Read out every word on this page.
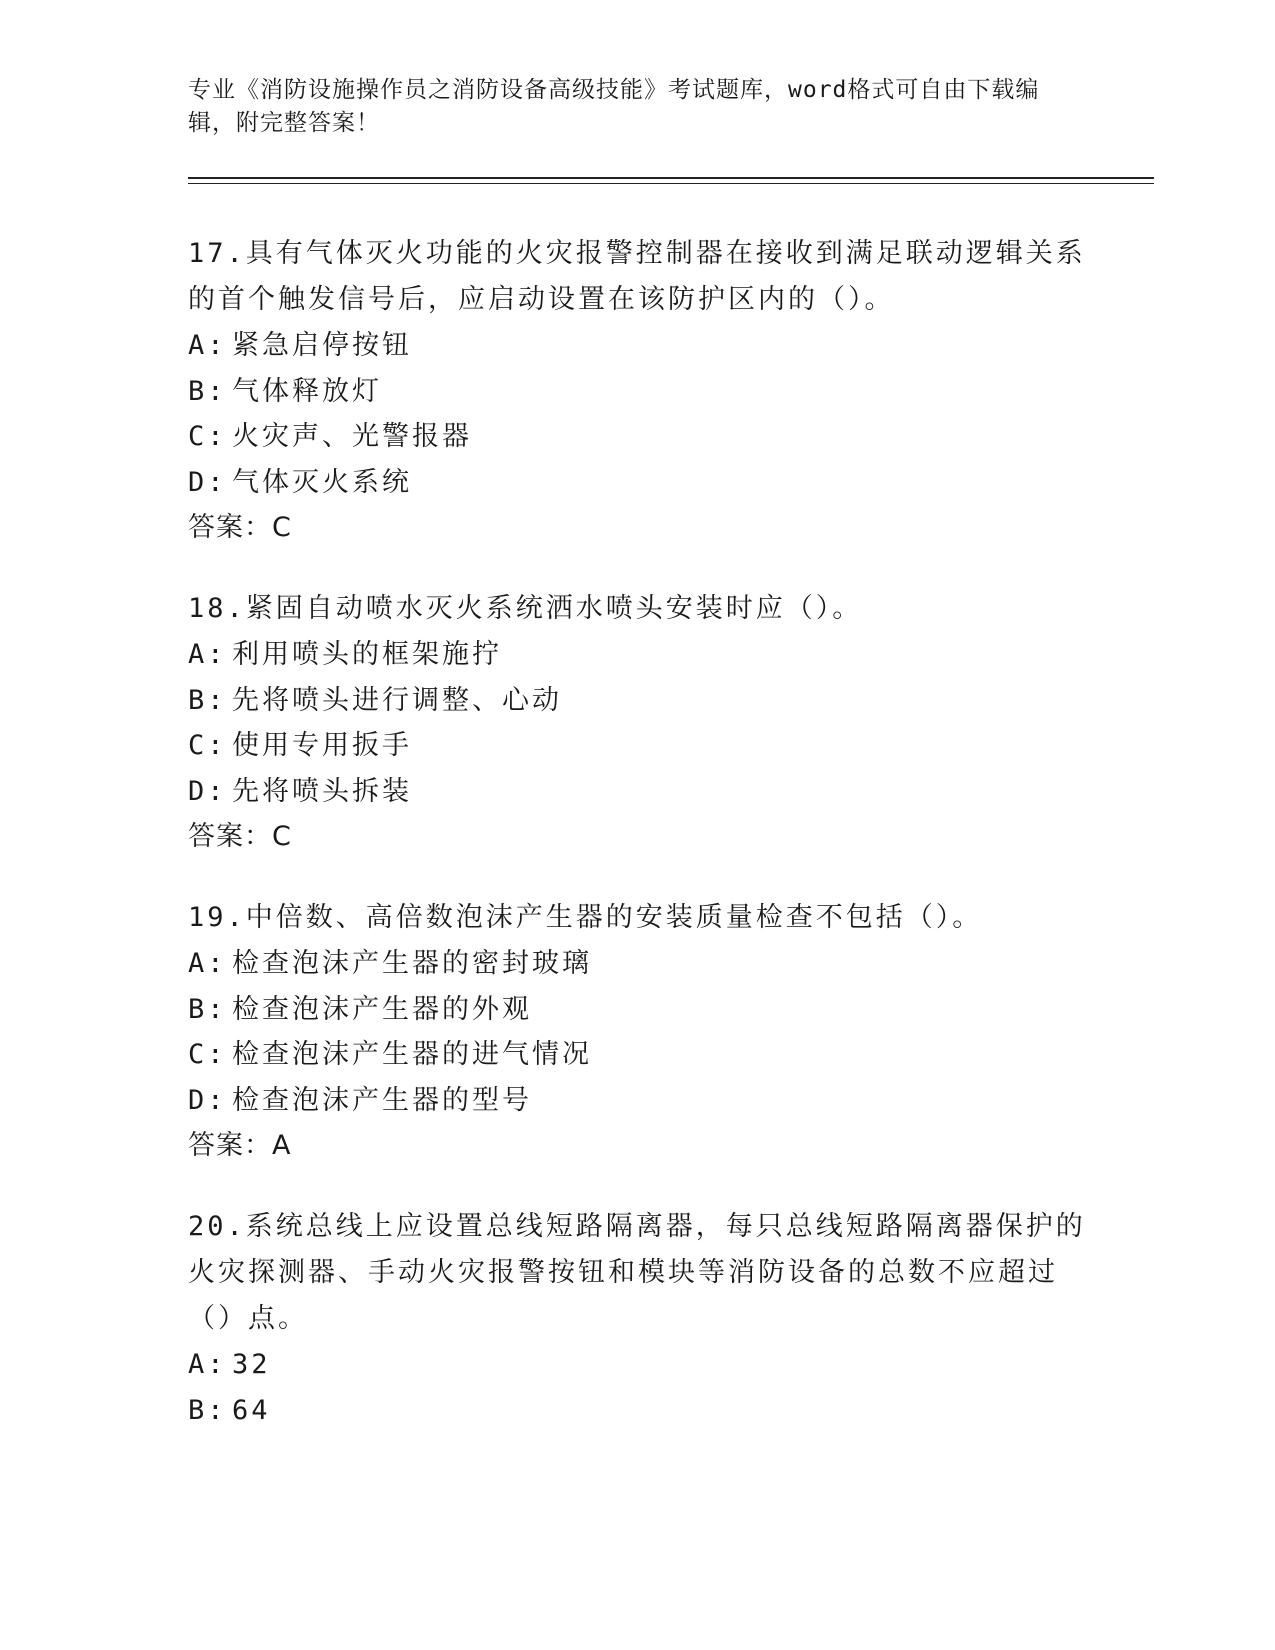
专业《消防设施操作员之消防设备高级技能》考试题库，word格式可自由下载编辑，附完整答案！

17.具有气体灭火功能的火灾报警控制器在接收到满足联动逻辑关系的首个触发信号后，应启动设置在该防护区内的（）。

A: 紧急启停按钮
B: 气体释放灯
C: 火灾声、光警报器
D: 气体灭火系统
答案：C

18.紧固自动喷水灭火系统洒水喷头安装时应（）。

A: 利用喷头的框架施拧
B: 先将喷头进行调整、心动
C: 使用专用扳手
D: 先将喷头拆装
答案：C

19.中倍数、高倍数泡沫产生器的安装质量检查不包括（）。

A: 检查泡沫产生器的密封玻璃
B: 检查泡沫产生器的外观
C: 检查泡沫产生器的进气情况
D: 检查泡沫产生器的型号
答案：A

20.系统总线上应设置总线短路隔离器，每只总线短路隔离器保护的火灾探测器、手动火灾报警按钮和模块等消防设备的总数不应超过（）点。

A: 32
B: 64
